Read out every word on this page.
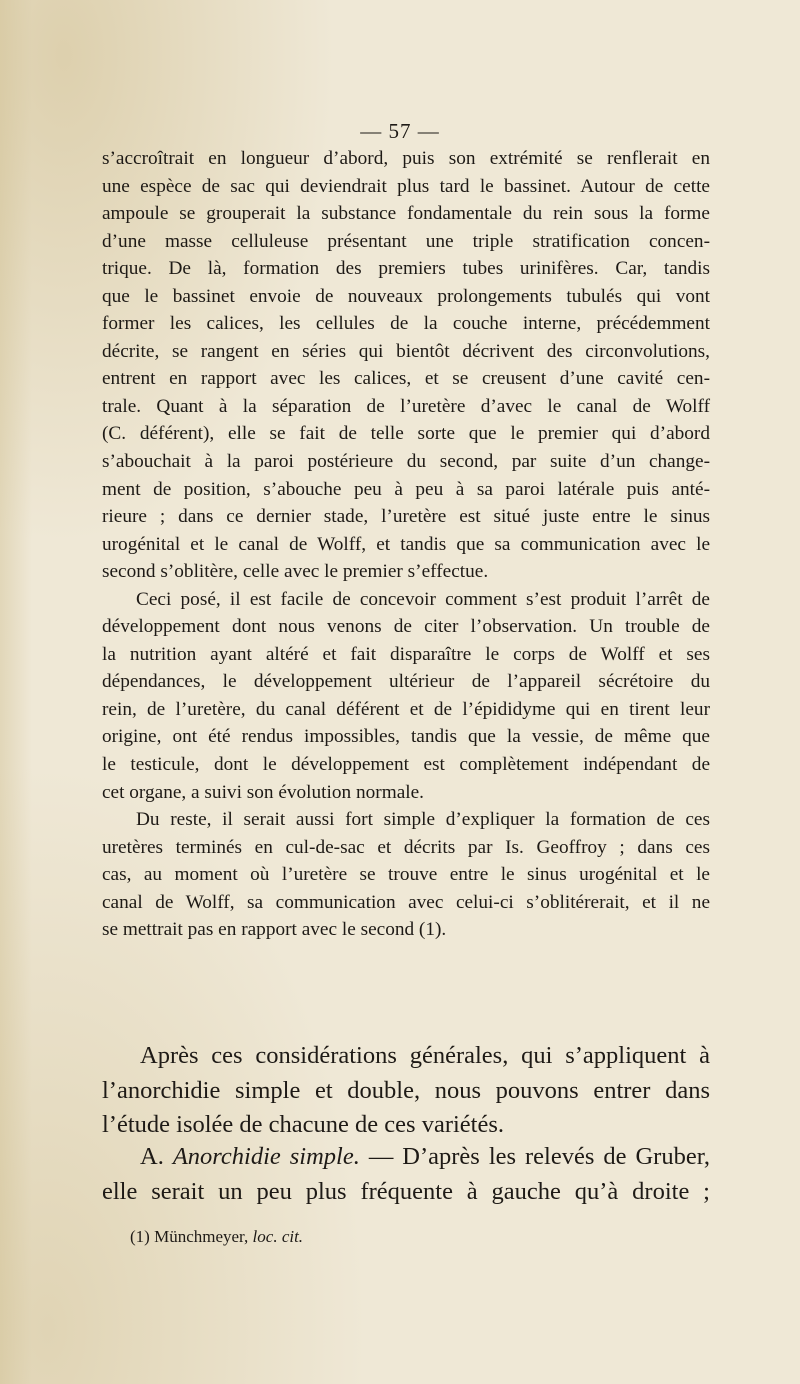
— 57 —
s’accroîtrait en longueur d’abord, puis son extrémité se renflerait en
une espèce de sac qui deviendrait plus tard le bassinet. Autour de cette
ampoule se grouperait la substance fondamentale du rein sous la forme
d’une masse celluleuse présentant une triple stratification concen-
trique. De là, formation des premiers tubes urinifères. Car, tandis
que le bassinet envoie de nouveaux prolongements tubulés qui vont
former les calices, les cellules de la couche interne, précédemment
décrite, se rangent en séries qui bientôt décrivent des circonvolutions,
entrent en rapport avec les calices, et se creusent d’une cavité cen-
trale. Quant à la séparation de l’uretère d’avec le canal de Wolff
(C. déférent), elle se fait de telle sorte que le premier qui d’abord
s’abouchait à la paroi postérieure du second, par suite d’un change-
ment de position, s’abouche peu à peu à sa paroi latérale puis anté-
rieure ; dans ce dernier stade, l’uretère est situé juste entre le sinus
urogénital et le canal de Wolff, et tandis que sa communication avec le
second s’oblitère, celle avec le premier s’effectue.
Ceci posé, il est facile de concevoir comment s’est produit l’arrêt de
développement dont nous venons de citer l’observation. Un trouble de
la nutrition ayant altéré et fait disparaître le corps de Wolff et ses
dépendances, le développement ultérieur de l’appareil sécrétoire du
rein, de l’uretère, du canal déférent et de l’épididyme qui en tirent leur
origine, ont été rendus impossibles, tandis que la vessie, de même que
le testicule, dont le développement est complètement indépendant de
cet organe, a suivi son évolution normale.
Du reste, il serait aussi fort simple d’expliquer la formation de ces
uretères terminés en cul-de-sac et décrits par Is. Geoffroy ; dans ces
cas, au moment où l’uretère se trouve entre le sinus urogénital et le
canal de Wolff, sa communication avec celui-ci s’oblitérerait, et il ne
se mettrait pas en rapport avec le second (1).
Après ces considérations générales, qui s’appliquent à
l’anorchidie simple et double, nous pouvons entrer dans
l’étude isolée de chacune de ces variétés.
A. Anorchidie simple. — D’après les relevés de Gruber,
elle serait un peu plus fréquente à gauche qu’à droite ;
(1) Münchmeyer, loc. cit.
